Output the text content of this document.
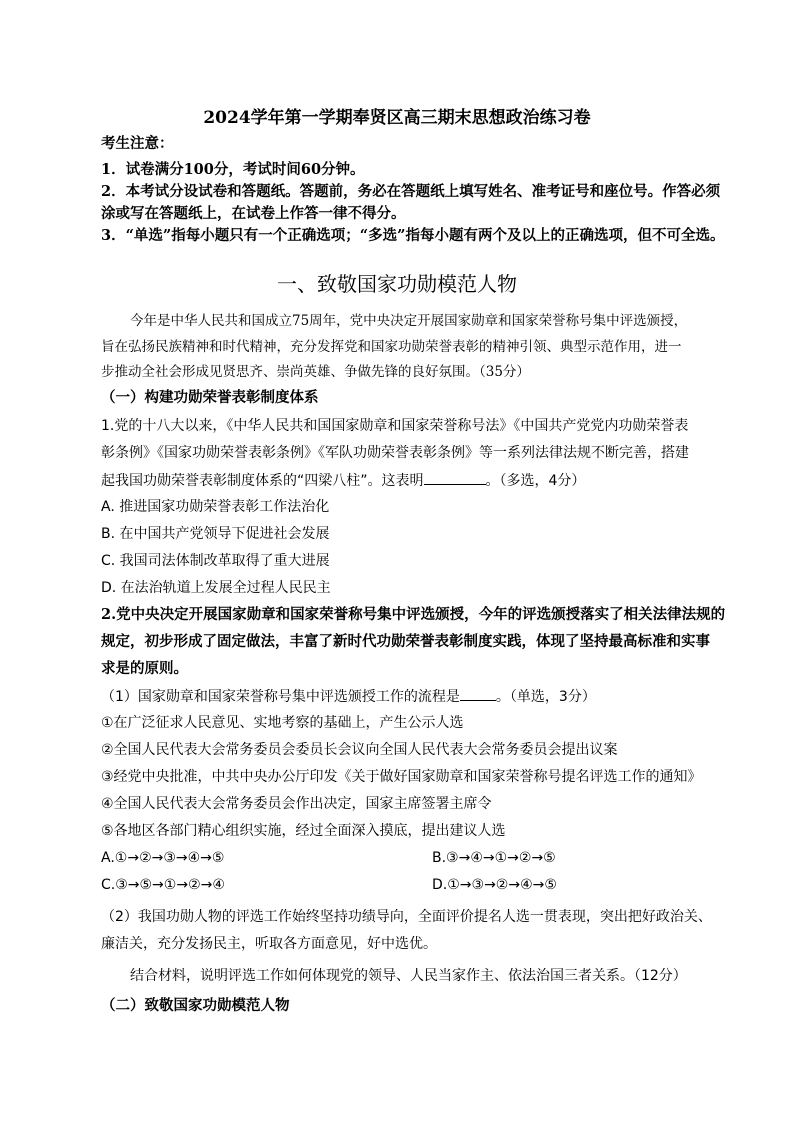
2024学年第一学期奉贤区高三期末思想政治练习卷
考生注意：
1．试卷满分100分，考试时间60分钟。
2．本考试分设试卷和答题纸。答题前，务必在答题纸上填写姓名、准考证号和座位号。作答必须
涂或写在答题纸上，在试卷上作答一律不得分。
3．“单选”指每小题只有一个正确选项；“多选”指每小题有两个及以上的正确选项，但不可全选。
一、致敬国家功勋模范人物
今年是中华人民共和国成立75周年，党中央决定开展国家勋章和国家荣誉称号集中评选颁授，
旨在弘扬民族精神和时代精神，充分发挥党和国家功勋荣誉表彰的精神引领、典型示范作用，进一
步推动全社会形成见贤思齐、崇尚英雄、争做先锋的良好氛围。（35分）
（一）构建功勋荣誉表彰制度体系
1.党的十八大以来，《中华人民共和国国家勋章和国家荣誉称号法》《中国共产党党内功勋荣誉表
彰条例》《国家功勋荣誉表彰条例》《军队功勋荣誉表彰条例》等一系列法律法规不断完善，搭建
起我国功勋荣誉表彰制度体系的“四梁八柱”。这表明	。（多选，4分）
A. 推进国家功勋荣誉表彰工作法治化
B. 在中国共产党领导下促进社会发展
C. 我国司法体制改革取得了重大进展
D. 在法治轨道上发展全过程人民民主
2.党中央决定开展国家勋章和国家荣誉称号集中评选颁授，今年的评选颁授落实了相关法律法规的
规定，初步形成了固定做法，丰富了新时代功勋荣誉表彰制度实践，体现了坚持最高标准和实事
求是的原则。
（1）国家勋章和国家荣誉称号集中评选颁授工作的流程是	。（单选，3分）
①在广泛征求人民意见、实地考察的基础上，产生公示人选
②全国人民代表大会常务委员会委员长会议向全国人民代表大会常务委员会提出议案
③经党中央批准，中共中央办公厅印发《关于做好国家勋章和国家荣誉称号提名评选工作的通知》
④全国人民代表大会常务委员会作出决定，国家主席签署主席令
⑤各地区各部门精心组织实施，经过全面深入摸底，提出建议人选
A.①→②→③→④→⑤	B.③→④→①→②→⑤
C.③→⑤→①→②→④	D.①→③→②→④→⑤
（2）我国功勋人物的评选工作始终坚持功绩导向，全面评价提名人选一贯表现，突出把好政治关、
廉洁关，充分发扬民主，听取各方面意见，好中选优。
结合材料，说明评选工作如何体现党的领导、人民当家作主、依法治国三者关系。（12分）
（二）致敬国家功勋模范人物
